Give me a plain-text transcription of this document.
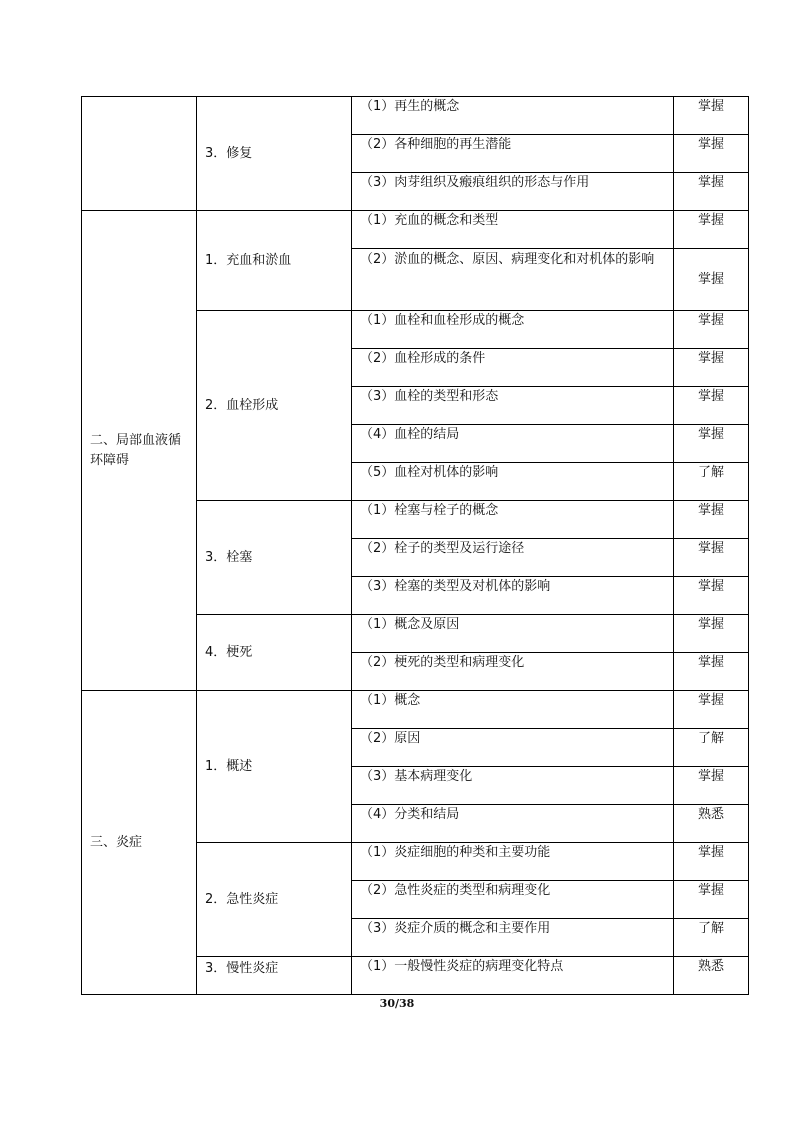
	3．修复	（1）再生的概念	掌握
		（2）各种细胞的再生潜能	掌握
		（3）肉芽组织及瘢痕组织的形态与作用	掌握
二、局部血液循环障碍	1．充血和淤血	（1）充血的概念和类型	掌握
		（2）淤血的概念、原因、病理变化和对机体的影响	掌握
	2．血栓形成	（1）血栓和血栓形成的概念	掌握
		（2）血栓形成的条件	掌握
		（3）血栓的类型和形态	掌握
		（4）血栓的结局	掌握
		（5）血栓对机体的影响	了解
	3．栓塞	（1）栓塞与栓子的概念	掌握
		（2）栓子的类型及运行途径	掌握
		（3）栓塞的类型及对机体的影响	掌握
	4．梗死	（1）概念及原因	掌握
		（2）梗死的类型和病理变化	掌握
三、炎症	1．概述	（1）概念	掌握
		（2）原因	了解
		（3）基本病理变化	掌握
		（4）分类和结局	熟悉
	2．急性炎症	（1）炎症细胞的种类和主要功能	掌握
		（2）急性炎症的类型和病理变化	掌握
		（3）炎症介质的概念和主要作用	了解
	3．慢性炎症	（1）一般慢性炎症的病理变化特点	熟悉
30/38
